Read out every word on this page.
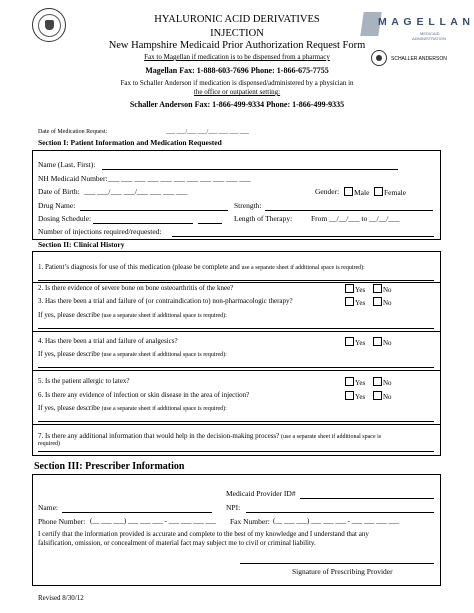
M A G E L L A N
MEDICAID
ADMINISTRATION
SCHALLER ANDERSON
HYALURONIC ACID DERIVATIVES
INJECTION
New Hampshire Medicaid Prior Authorization Request Form
Fax to Magellan if medication is to be dispensed from a pharmacy
Magellan Fax: 1-888-603-7696 Phone: 1-866-675-7755
Fax to Schaller Anderson if medication is dispensed/administered by a physician in
the office or outpatient setting:
Schaller Anderson Fax: 1-866-499-9334 Phone: 1-866-499-9335
Date of Medication Request:	___ ___/___ ___/___ ___ ___ ___
Section I: Patient Information and Medication Requested
Name (Last, First):
NH Medicaid Number: ___ ___ ___ ___ ___ ___ ___ ___ ___ ___ ___
Date of Birth: ___ ___/___ ___/___ ___ ___ ___	Gender:	Male	Female
Drug Name:	Strength:
Dosing Schedule:	Length of Therapy:	From __/__/___ to __/__/___
Number of injections required/requested:
Section II: Clinical History
1. Patient’s diagnosis for use of this medication (please be complete and use a separate sheet if additional space is required):
2. Is there evidence of severe bone on bone osteoarthritis of the knee?	Yes	No
3. Has there been a trial and failure of (or contraindication to) non-pharmacologic therapy?	Yes	No
If yes, please describe (use a separate sheet if additional space is required):
4. Has there been a trial and failure of analgesics?	Yes	No
If yes, please describe (use a separate sheet if additional space is required):
5. Is the patient allergic to latex?	Yes	No
6. Is there any evidence of infection or skin disease in the area of injection?	Yes	No
If yes, please describe (use a separate sheet if additional space is required):
7. Is there any additional information that would help in the decision-making process? (use a separate sheet if additional space is
required)
Section III: Prescriber Information
Medicaid Provider ID#
Name:	NPI:
Phone Number: (__ ___ ___) ___ ___ ___ - ___ ___ ___ ___ Fax Number: (__ ___ ___) ___ ___ ___ - ___ ___ ___ ___
I certify that the information provided is accurate and complete to the best of my knowledge and I understand that any
falsification, omission, or concealment of material fact may subject me to civil or criminal liability.
Signature of Prescribing Provider
Revised 8/30/12
